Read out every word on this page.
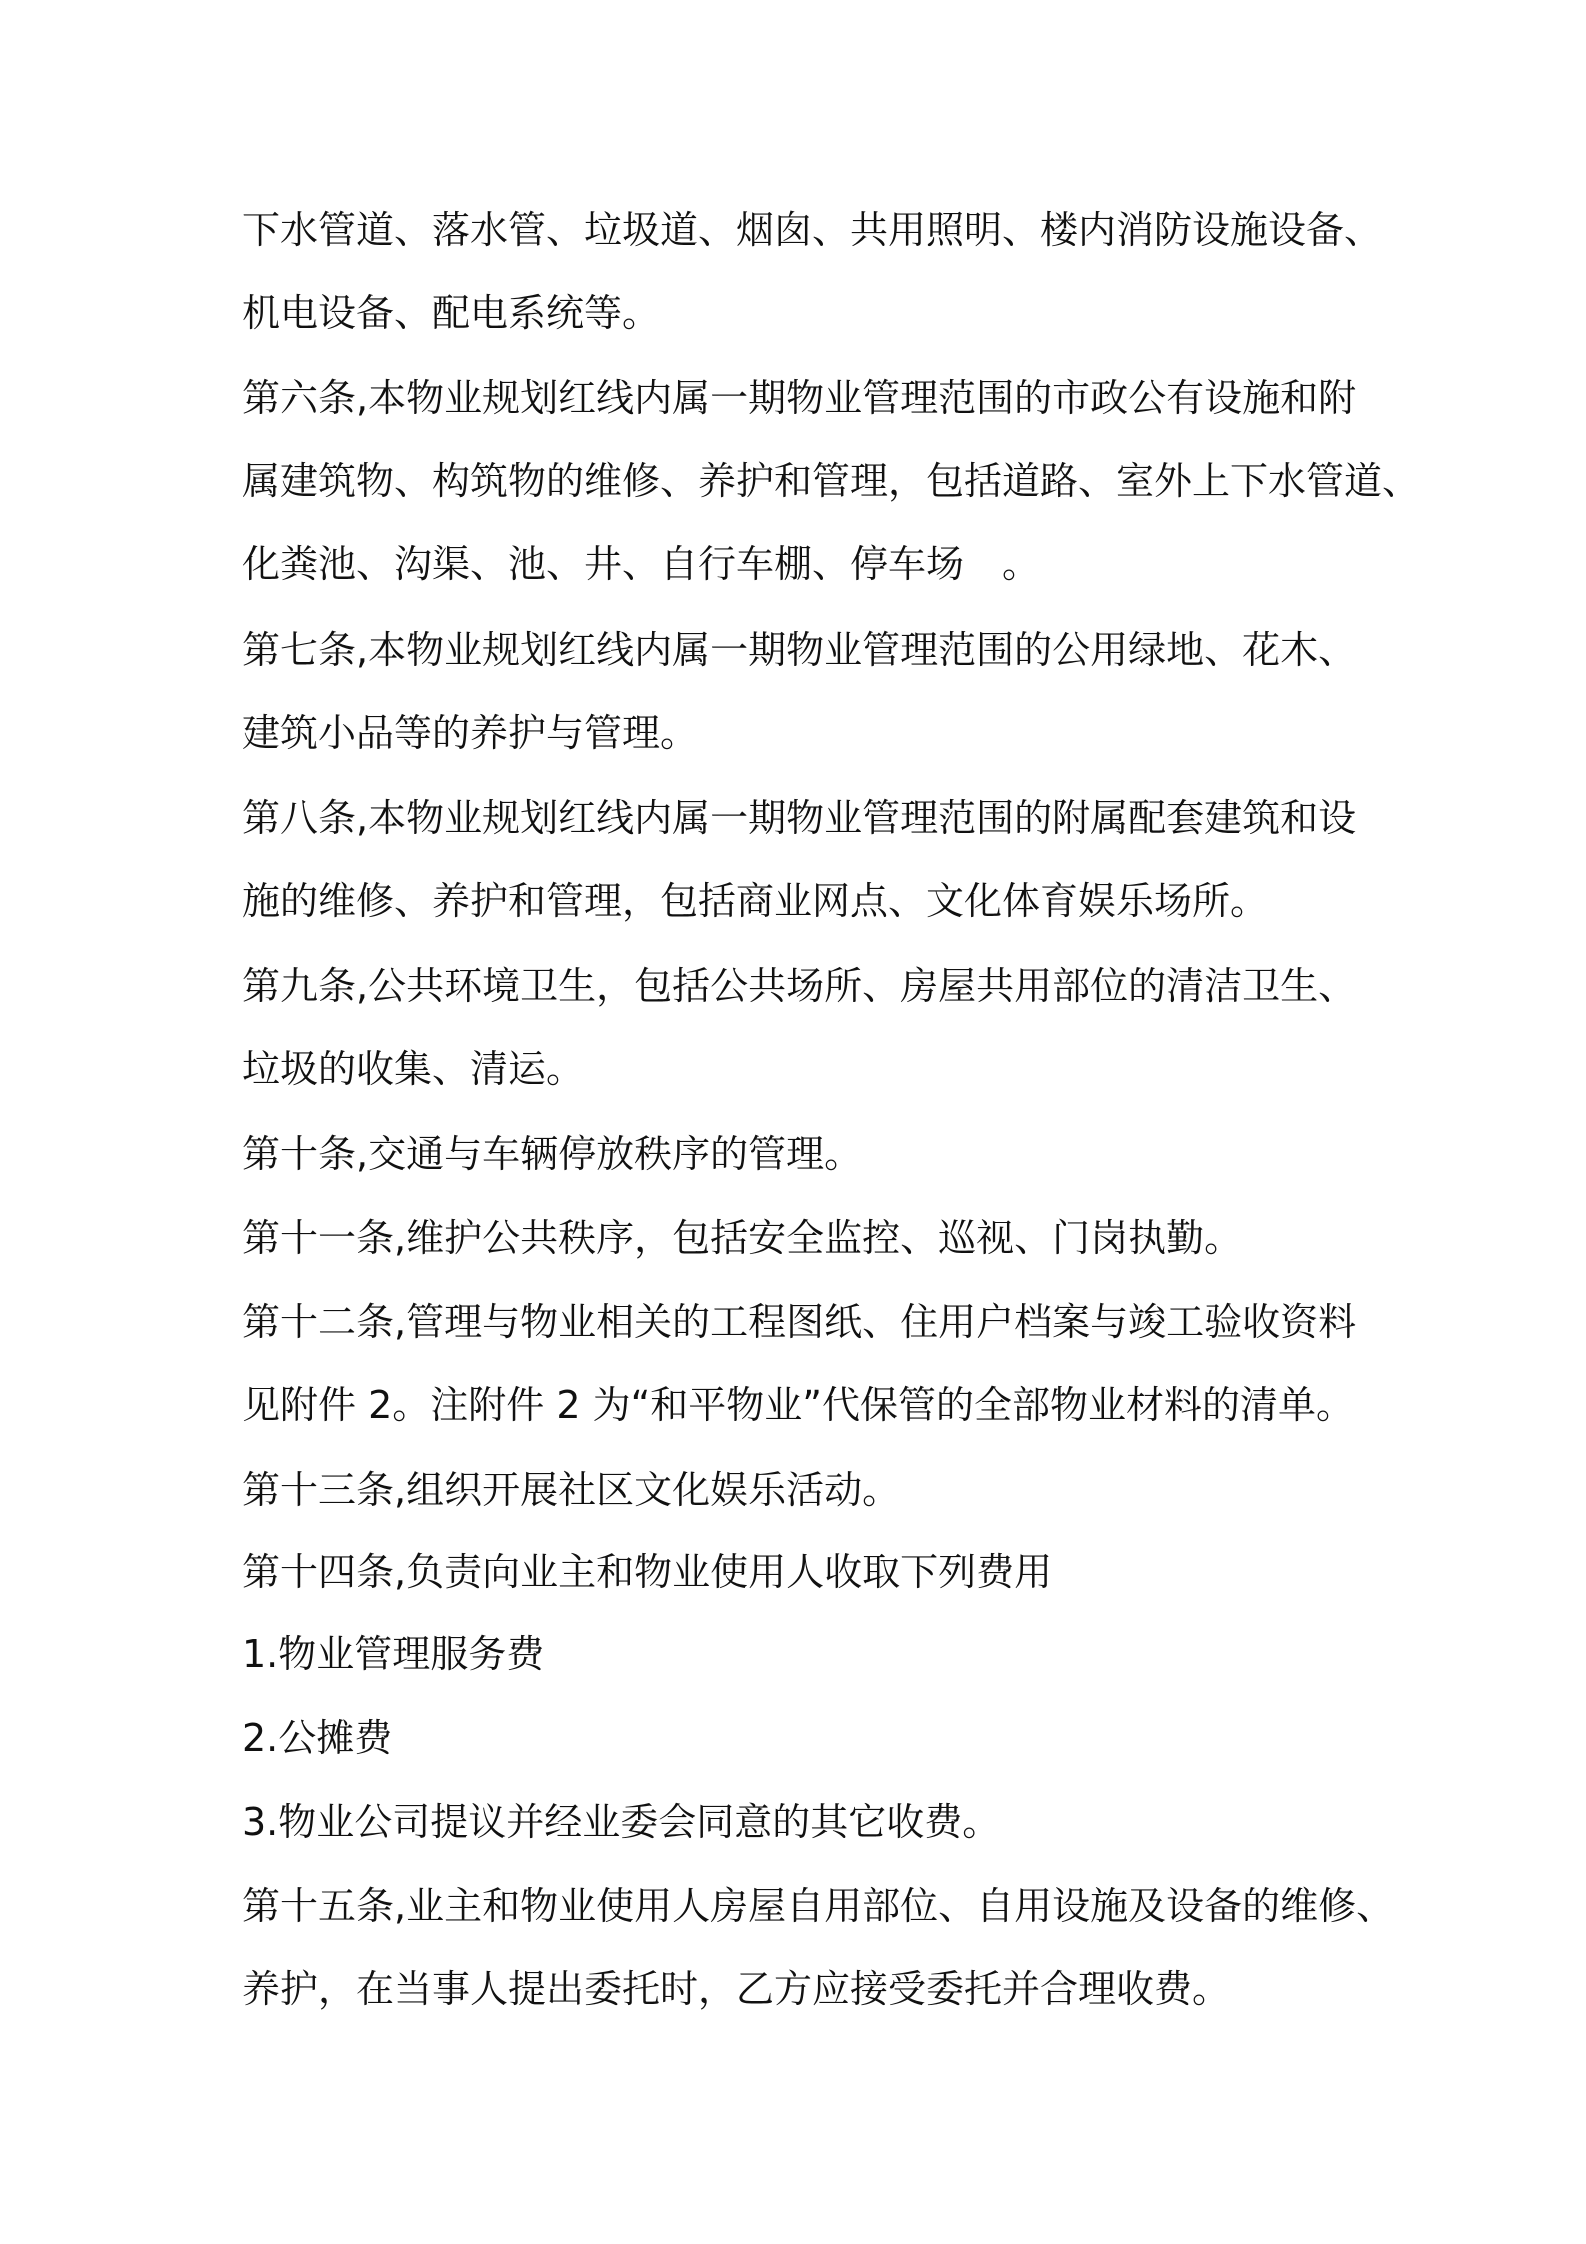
下水管道、落水管、垃圾道、烟囱、共用照明、楼内消防设施设备、
机电设备、配电系统等。

第六条,本物业规划红线内属一期物业管理范围的市政公有设施和附
属建筑物、构筑物的维修、养护和管理，包括道路、室外上下水管道、
化粪池、沟渠、池、井、自行车棚、停车场　。

第七条,本物业规划红线内属一期物业管理范围的公用绿地、花木、
建筑小品等的养护与管理。

第八条,本物业规划红线内属一期物业管理范围的附属配套建筑和设
施的维修、养护和管理，包括商业网点、文化体育娱乐场所。

第九条,公共环境卫生，包括公共场所、房屋共用部位的清洁卫生、
垃圾的收集、清运。

第十条,交通与车辆停放秩序的管理。

第十一条,维护公共秩序，包括安全监控、巡视、门岗执勤。

第十二条,管理与物业相关的工程图纸、住用户档案与竣工验收资料
见附件 2。注附件 2 为“和平物业”代保管的全部物业材料的清单。

第十三条,组织开展社区文化娱乐活动。

第十四条,负责向业主和物业使用人收取下列费用

1.物业管理服务费

2.公摊费

3.物业公司提议并经业委会同意的其它收费。

第十五条,业主和物业使用人房屋自用部位、自用设施及设备的维修、
养护，在当事人提出委托时，乙方应接受委托并合理收费。
